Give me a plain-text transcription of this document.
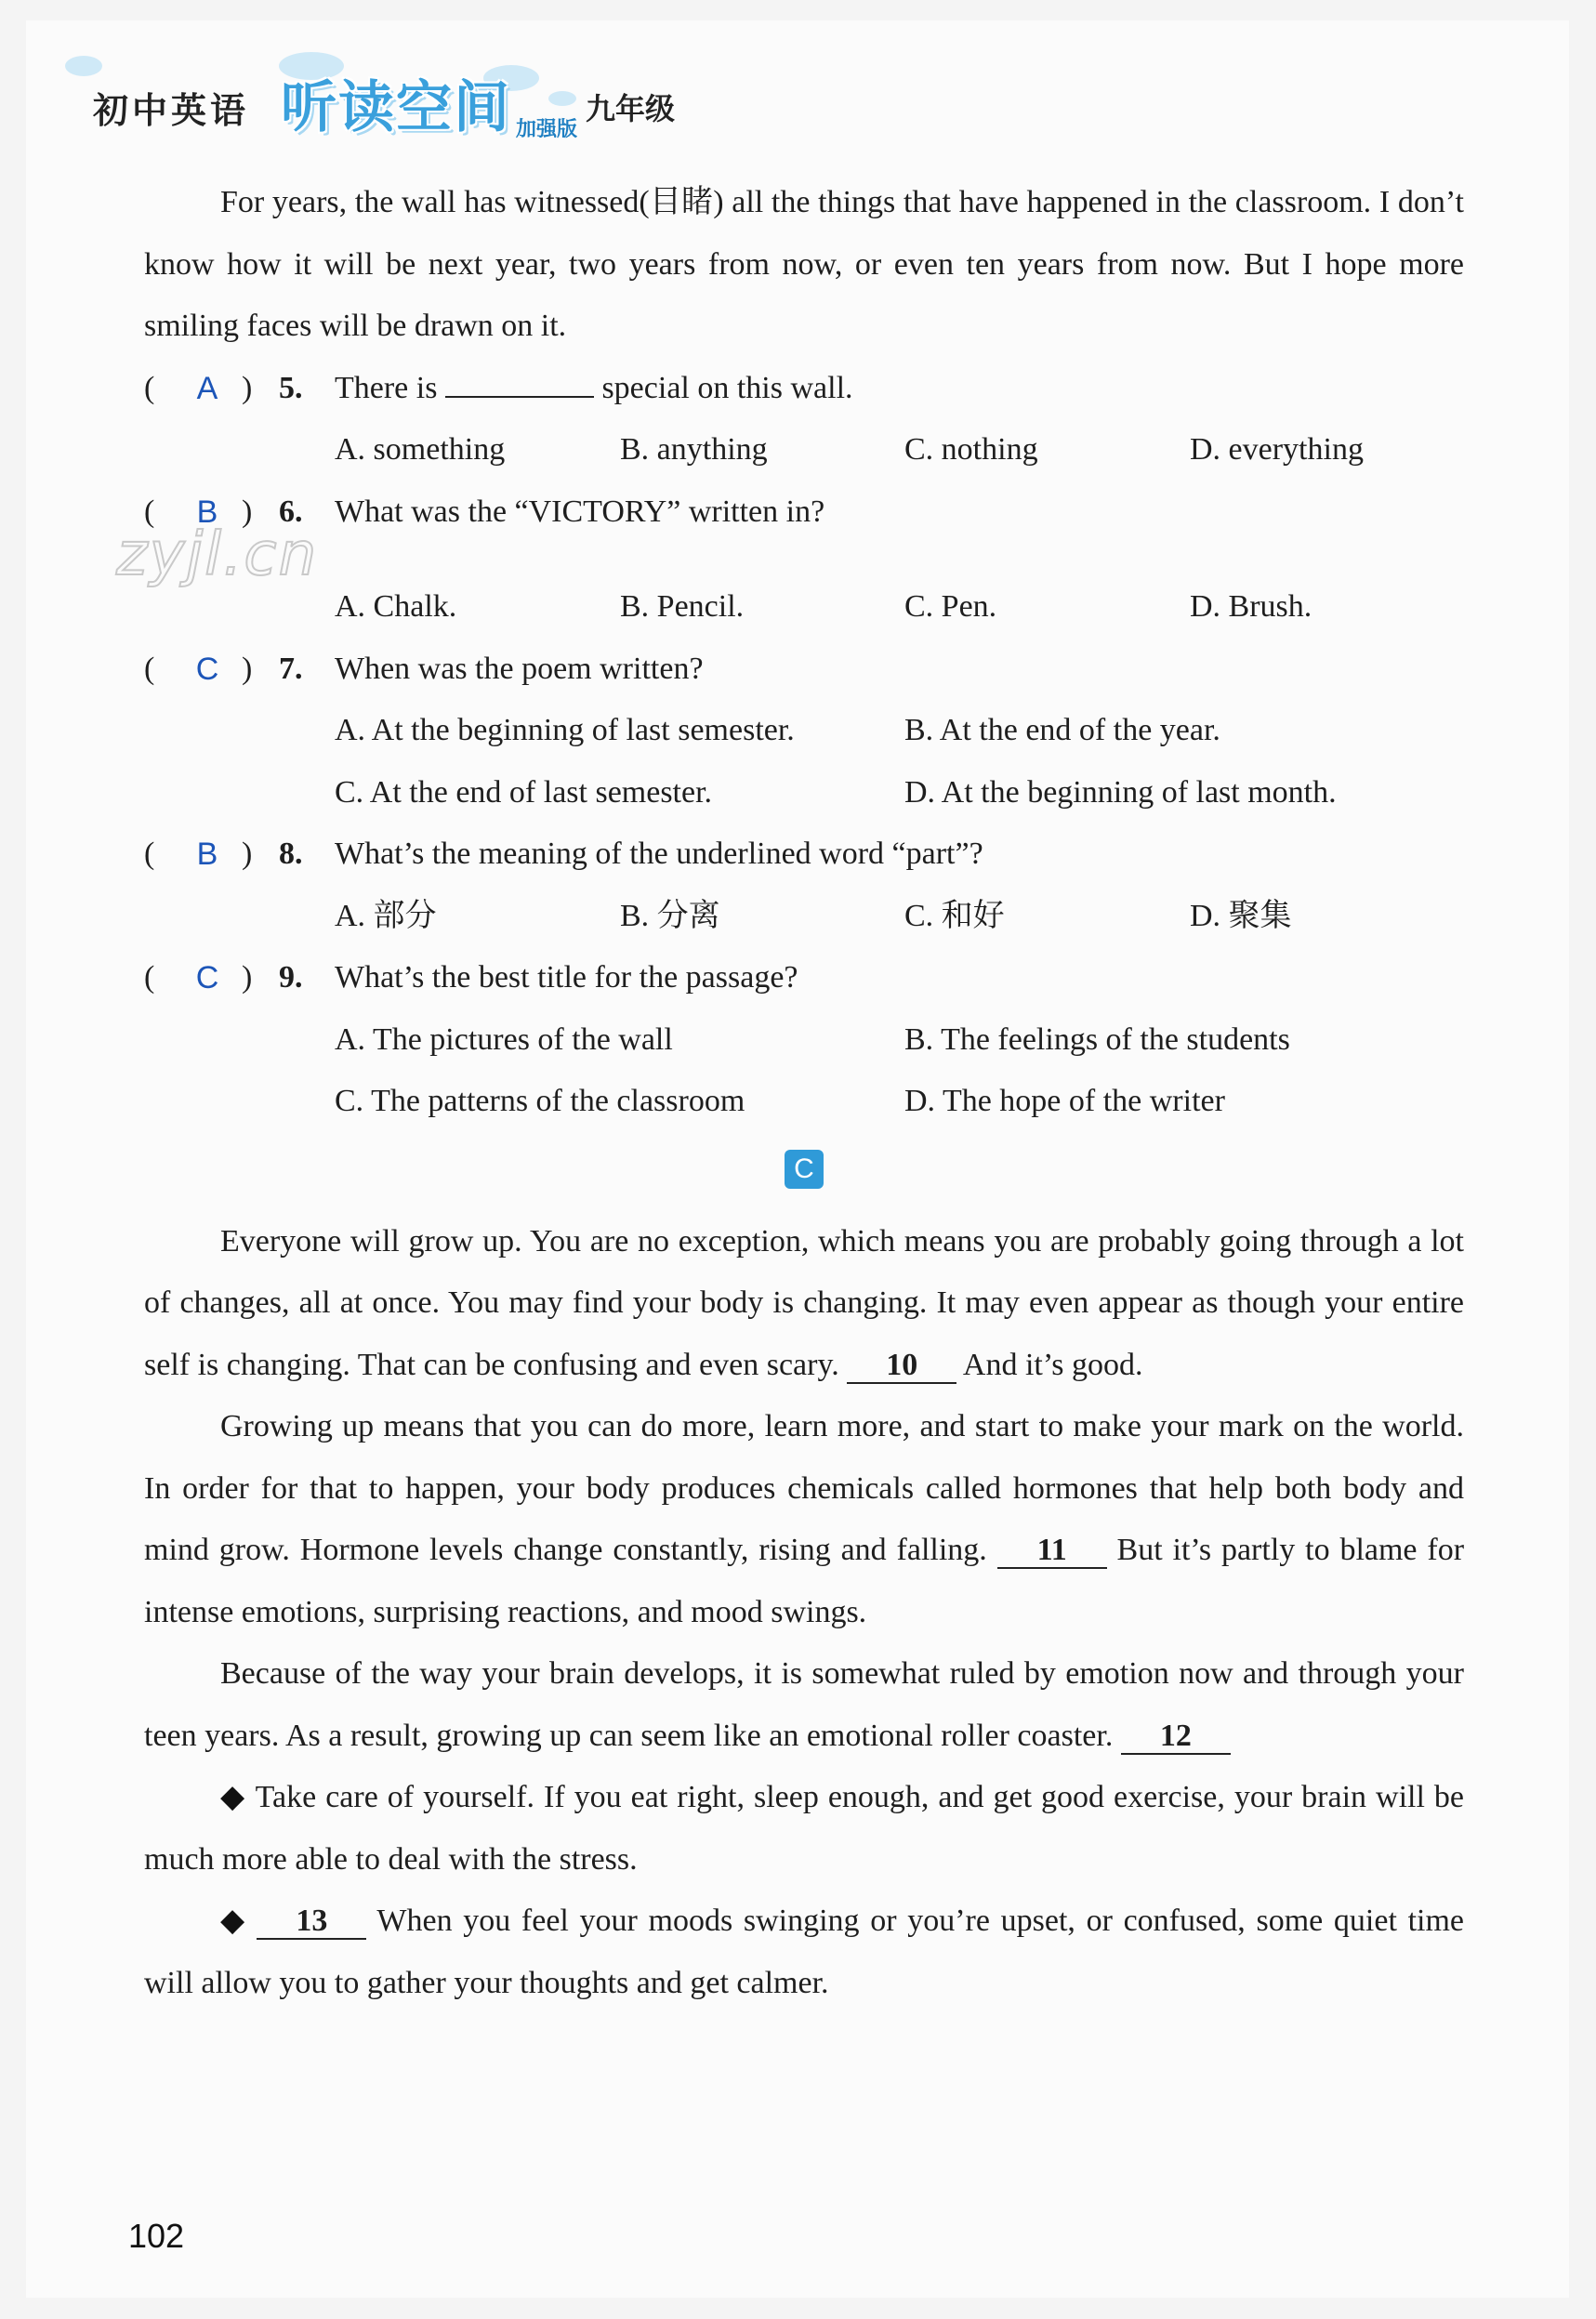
初中英语 听读空间 加强版
九年级
zyjl.cn

For years, the wall has witnessed(目睹) all the things that have happened in the classroom. I don’t know how it will be next year, two years from now, or even ten years from now. But I hope more smiling faces will be drawn on it.

( A ) 5. There is	special on this wall.
A. something	B. anything	C. nothing	D. everything
( B ) 6. What was the “VICTORY” written in?
A. Chalk.	B. Pencil.	C. Pen.	D. Brush.
( C ) 7. When was the poem written?
A. At the beginning of last semester.	B. At the end of the year.
C. At the end of last semester.	D. At the beginning of last month.
( B ) 8. What’s the meaning of the underlined word “part”?
A. 部分	B. 分离	C. 和好	D. 聚集
( C ) 9. What’s the best title for the passage?
A. The pictures of the wall	B. The feelings of the students
C. The patterns of the classroom	D. The hope of the writer
C

Everyone will grow up. You are no exception, which means you are probably going through a lot of changes, all at once. You may find your body is changing. It may even appear as though your entire self is changing. That can be confusing and even scary. 10 And it’s good.

Growing up means that you can do more, learn more, and start to make your mark on the world. In order for that to happen, your body produces chemicals called hormones that help both body and mind grow. Hormone levels change constantly, rising and falling. 11 But it’s partly to blame for intense emotions, surprising reactions, and mood swings.

Because of the way your brain develops, it is somewhat ruled by emotion now and through your teen years. As a result, growing up can seem like an emotional roller coaster. 12

◆ Take care of yourself. If you eat right, sleep enough, and get good exercise, your brain will be much more able to deal with the stress.

◆ 13 When you feel your moods swinging or you’re upset, or confused, some quiet time will allow you to gather your thoughts and get calmer.

102
